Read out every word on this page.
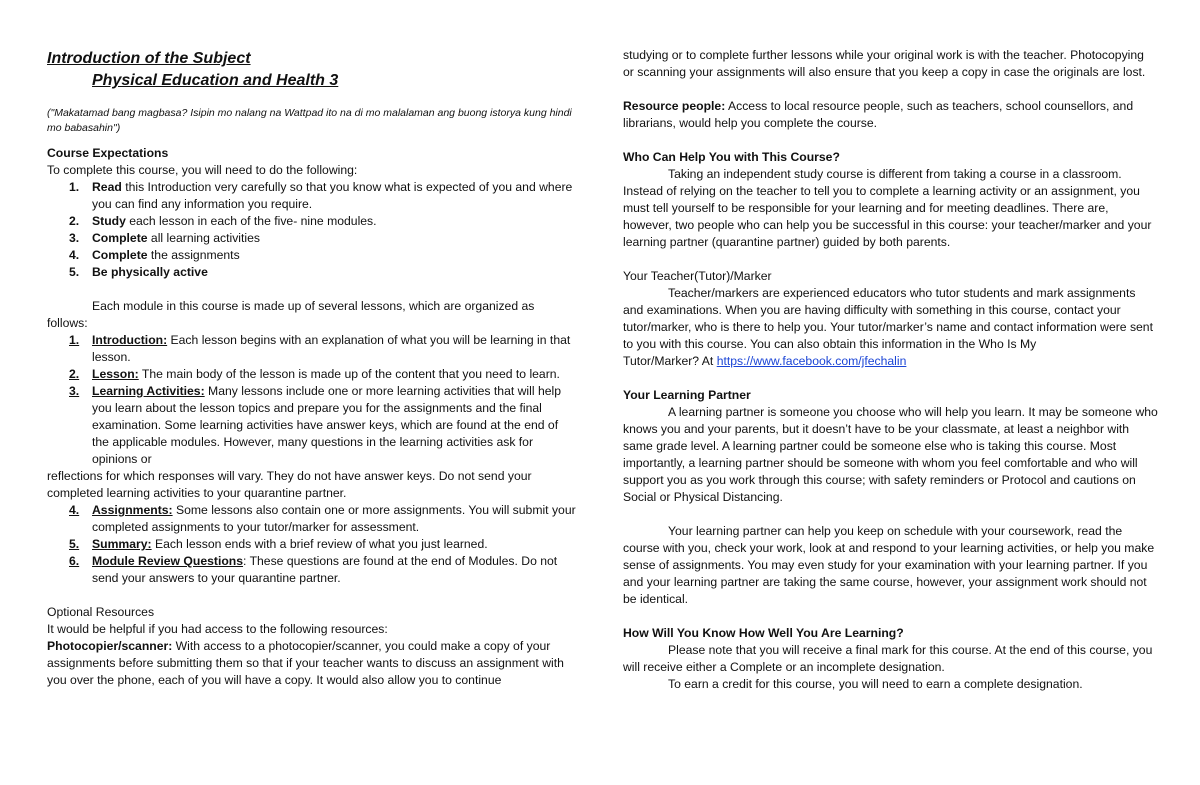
Introduction of the Subject
Physical Education and Health 3

("Makatamad bang magbasa? Isipin mo nalang na Wattpad ito na di mo malalaman ang buong istorya kung hindi mo babasahin")

Course Expectations

To complete this course, you will need to do the following:

1. Read this Introduction very carefully so that you know what is expected of you and where you can find any information you require.
2. Study each lesson in each of the five- nine modules.
3. Complete all learning activities
4. Complete the assignments
5. Be physically active

Each module in this course is made up of several lessons, which are organized as follows:

1. Introduction: Each lesson begins with an explanation of what you will be learning in that lesson.
2. Lesson: The main body of the lesson is made up of the content that you need to learn.
3. Learning Activities: Many lessons include one or more learning activities that will help you learn about the lesson topics and prepare you for the assignments and the final examination. Some learning activities have answer keys, which are found at the end of the applicable modules. However, many questions in the learning activities ask for opinions or

reflections for which responses will vary. They do not have answer keys. Do not send your completed learning activities to your quarantine partner.

4. Assignments: Some lessons also contain one or more assignments. You will submit your completed assignments to your tutor/marker for assessment.
5. Summary: Each lesson ends with a brief review of what you just learned.
6. Module Review Questions: These questions are found at the end of Modules. Do not send your answers to your quarantine partner.

Optional Resources

It would be helpful if you had access to the following resources:

Photocopier/scanner: With access to a photocopier/scanner, you could make a copy of your assignments before submitting them so that if your teacher wants to discuss an assignment with you over the phone, each of you will have a copy. It would also allow you to continue

studying or to complete further lessons while your original work is with the teacher. Photocopying or scanning your assignments will also ensure that you keep a copy in case the originals are lost.

Resource people: Access to local resource people, such as teachers, school counsellors, and librarians, would help you complete the course.

Who Can Help You with This Course?

Taking an independent study course is different from taking a course in a classroom. Instead of relying on the teacher to tell you to complete a learning activity or an assignment, you must tell yourself to be responsible for your learning and for meeting deadlines. There are, however, two people who can help you be successful in this course: your teacher/marker and your learning partner (quarantine partner) guided by both parents.

Your Teacher(Tutor)/Marker

Teacher/markers are experienced educators who tutor students and mark assignments and examinations. When you are having difficulty with something in this course, contact your tutor/marker, who is there to help you. Your tutor/marker’s name and contact information were sent to you with this course. You can also obtain this information in the Who Is My

Tutor/Marker? At https://www.facebook.com/jfechalin

Your Learning Partner

A learning partner is someone you choose who will help you learn. It may be someone who knows you and your parents, but it doesn’t have to be your classmate, at least a neighbor with same grade level. A learning partner could be someone else who is taking this course. Most importantly, a learning partner should be someone with whom you feel comfortable and who will support you as you work through this course; with safety reminders or Protocol and cautions on Social or Physical Distancing.

Your learning partner can help you keep on schedule with your coursework, read the course with you, check your work, look at and respond to your learning activities, or help you make sense of assignments. You may even study for your examination with your learning partner. If you and your learning partner are taking the same course, however, your assignment work should not be identical.

How Will You Know How Well You Are Learning?

Please note that you will receive a final mark for this course. At the end of this course, you will receive either a Complete or an incomplete designation.

To earn a credit for this course, you will need to earn a complete designation.
